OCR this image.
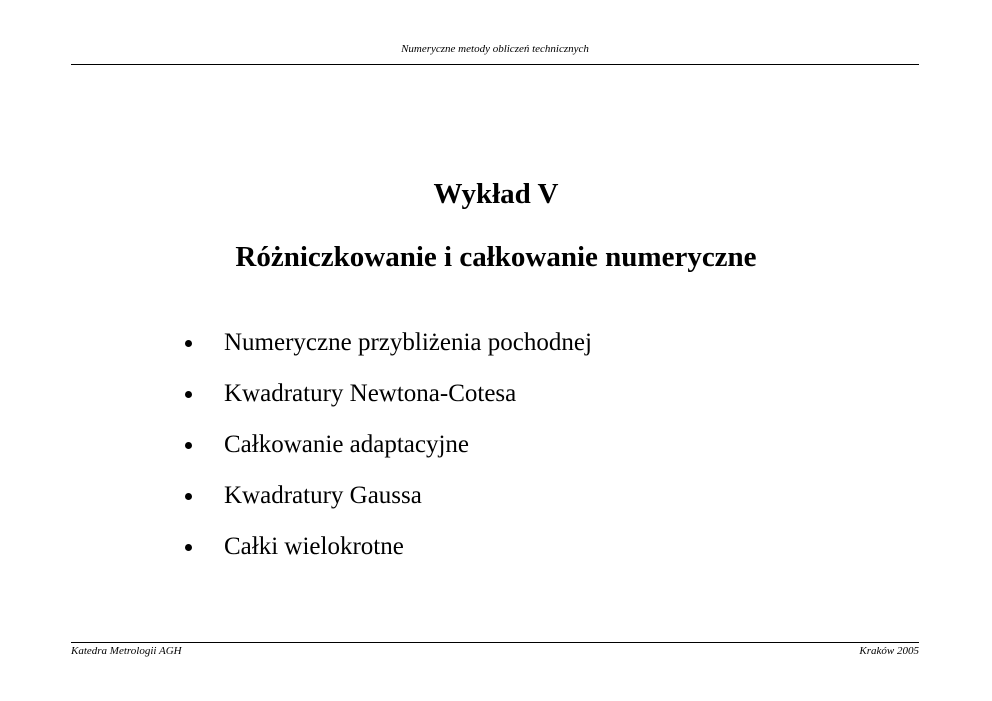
Numeryczne metody obliczeń technicznych
Wykład V
Różniczkowanie i całkowanie numeryczne
Numeryczne przybliżenia pochodnej
Kwadratury Newtona-Cotesa
Całkowanie adaptacyjne
Kwadratury Gaussa
Całki wielokrotne
Katedra Metrologii AGH	Kraków 2005
